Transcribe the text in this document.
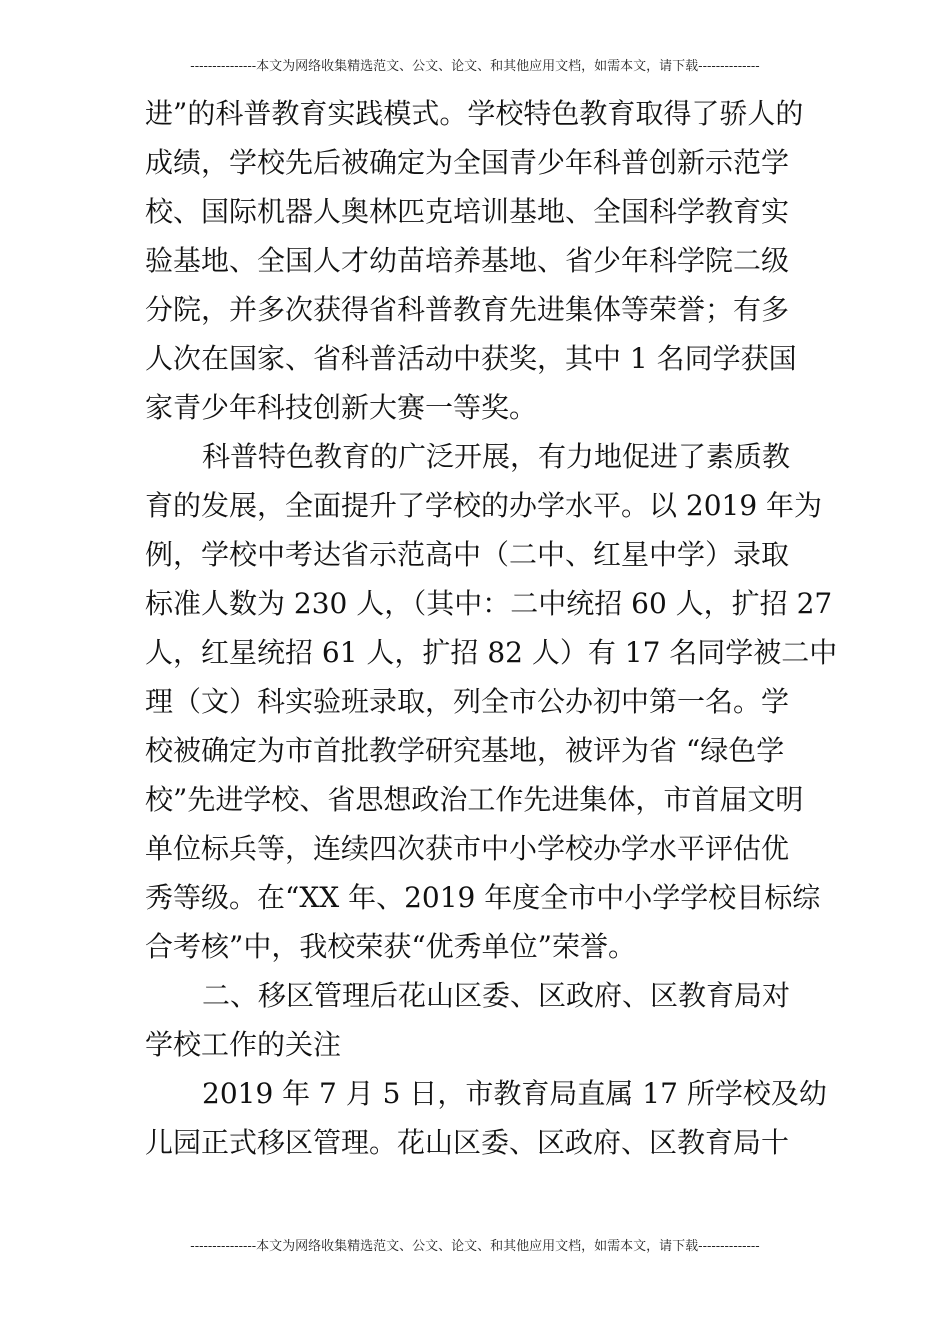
---------------本文为网络收集精选范文、公文、论文、和其他应用文档，如需本文，请下载--------------
进”的科普教育实践模式。学校特色教育取得了骄人的
成绩，学校先后被确定为全国青少年科普创新示范学
校、国际机器人奥林匹克培训基地、全国科学教育实
验基地、全国人才幼苗培养基地、省少年科学院二级
分院，并多次获得省科普教育先进集体等荣誉；有多
人次在国家、省科普活动中获奖，其中 1 名同学获国
家青少年科技创新大赛一等奖。
科普特色教育的广泛开展，有力地促进了素质教
育的发展，全面提升了学校的办学水平。以 2019 年为
例，学校中考达省示范高中（二中、红星中学）录取
标准人数为 230 人，（其中：二中统招 60 人，扩招 27
人，红星统招 61 人，扩招 82 人）有 17 名同学被二中
理（文）科实验班录取，列全市公办初中第一名。学
校被确定为市首批教学研究基地，被评为省 “绿色学
校”先进学校、省思想政治工作先进集体，市首届文明
单位标兵等，连续四次获市中小学校办学水平评估优
秀等级。在“XX 年、2019 年度全市中小学学校目标综
合考核”中，我校荣获“优秀单位”荣誉。
二、移区管理后花山区委、区政府、区教育局对
学校工作的关注
2019 年 7 月 5 日，市教育局直属 17 所学校及幼
儿园正式移区管理。花山区委、区政府、区教育局十
---------------本文为网络收集精选范文、公文、论文、和其他应用文档，如需本文，请下载--------------
